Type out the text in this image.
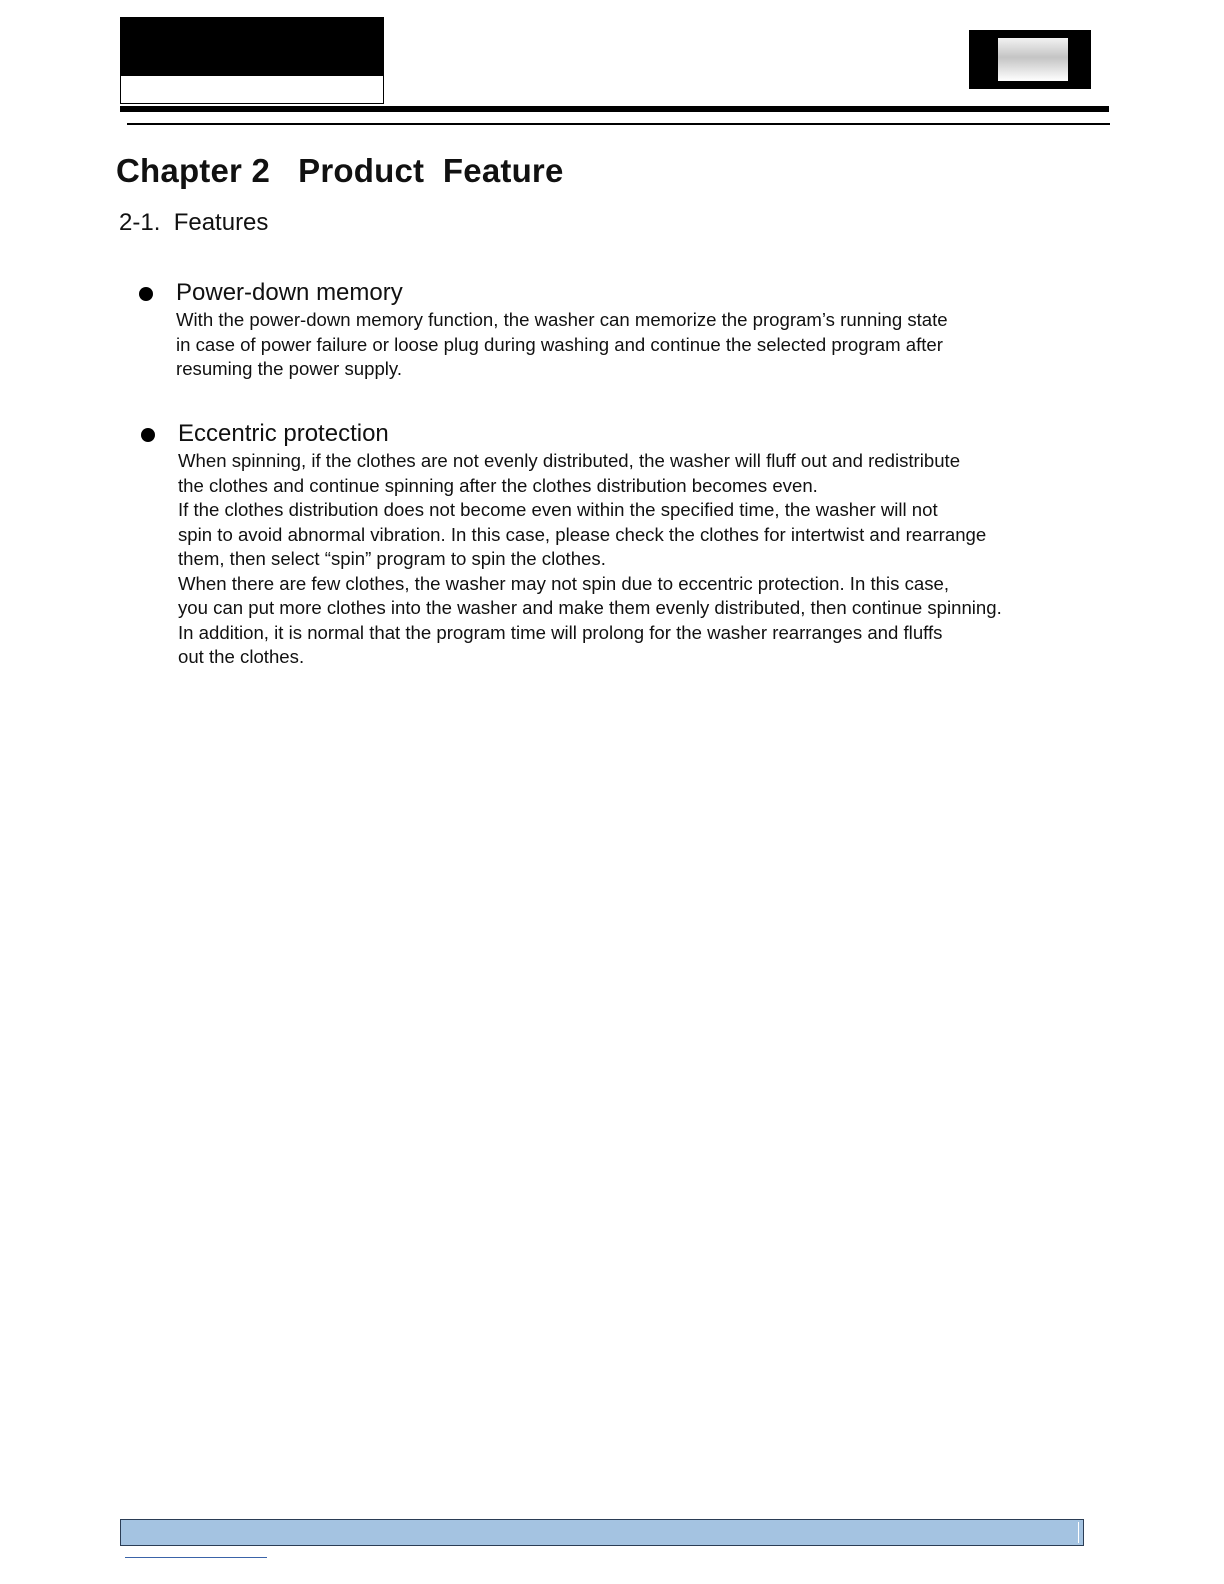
Chapter 2   Product  Feature
2-1.  Features
Power-down memory
With the power-down memory function, the washer can memorize the program’s running state
in case of power failure or loose plug during washing and continue the selected program after
resuming the power supply.
Eccentric protection
When spinning, if the clothes are not evenly distributed, the washer will fluff out and redistribute
the clothes and continue spinning after the clothes distribution becomes even.
If the clothes distribution does not become even within the specified time, the washer will not
spin to avoid abnormal vibration. In this case, please check the clothes for intertwist and rearrange
them, then select “spin” program to spin the clothes.
When there are few clothes, the washer may not spin due to eccentric protection. In this case,
you can put more clothes into the washer and make them evenly distributed, then continue spinning.
In addition, it is normal that the program time will prolong for the washer rearranges and fluffs
out the clothes.
